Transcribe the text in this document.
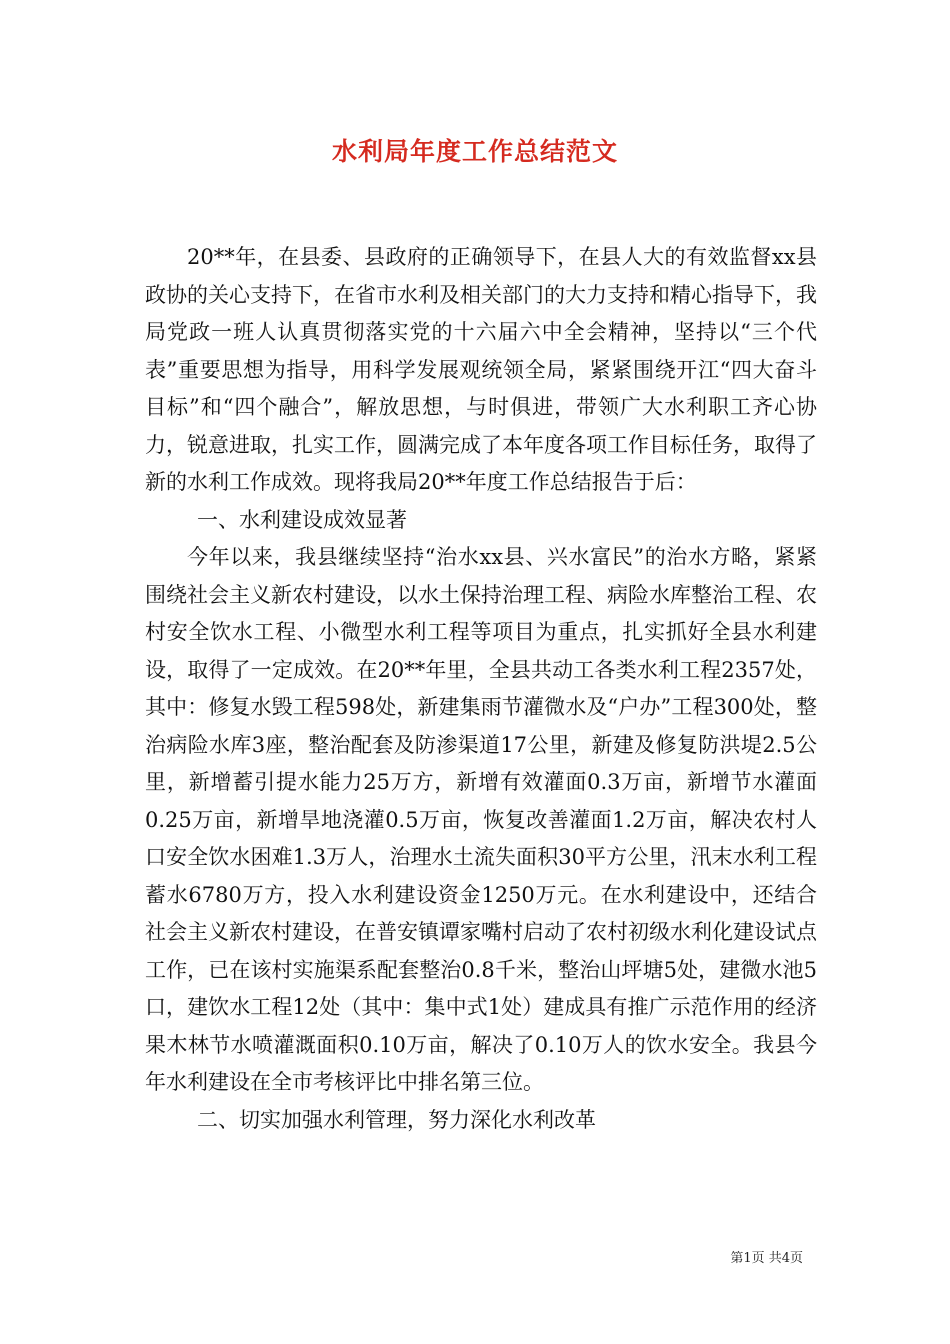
水利局年度工作总结范文

20**年，在县委、县政府的正确领导下，在县人大的有效监督xx县政协的关心支持下，在省市水利及相关部门的大力支持和精心指导下，我局党政一班人认真贯彻落实党的十六届六中全会精神，坚持以“三个代表”重要思想为指导，用科学发展观统领全局，紧紧围绕开江“四大奋斗目标”和“四个融合”，解放思想，与时俱进，带领广大水利职工齐心协力，锐意进取，扎实工作，圆满完成了本年度各项工作目标任务，取得了新的水利工作成效。现将我局20**年度工作总结报告于后：

一、水利建设成效显著

今年以来，我县继续坚持“治水xx县、兴水富民”的治水方略，紧紧围绕社会主义新农村建设，以水土保持治理工程、病险水库整治工程、农村安全饮水工程、小微型水利工程等项目为重点，扎实抓好全县水利建设，取得了一定成效。在20**年里，全县共动工各类水利工程2357处，其中：修复水毁工程598处，新建集雨节灌微水及“户办”工程300处，整治病险水库3座，整治配套及防渗渠道17公里，新建及修复防洪堤2.5公里，新增蓄引提水能力25万方，新增有效灌面0.3万亩，新增节水灌面0.25万亩，新增旱地浇灌0.5万亩，恢复改善灌面1.2万亩，解决农村人口安全饮水困难1.3万人，治理水土流失面积30平方公里，汛末水利工程蓄水6780万方，投入水利建设资金1250万元。在水利建设中，还结合社会主义新农村建设，在普安镇谭家嘴村启动了农村初级水利化建设试点工作，已在该村实施渠系配套整治0.8千米，整治山坪塘5处，建微水池5口，建饮水工程12处（其中：集中式1处）建成具有推广示范作用的经济果木林节水喷灌溉面积0.10万亩，解决了0.10万人的饮水安全。我县今年水利建设在全市考核评比中排名第三位。

二、切实加强水利管理，努力深化水利改革

第1页 共4页
